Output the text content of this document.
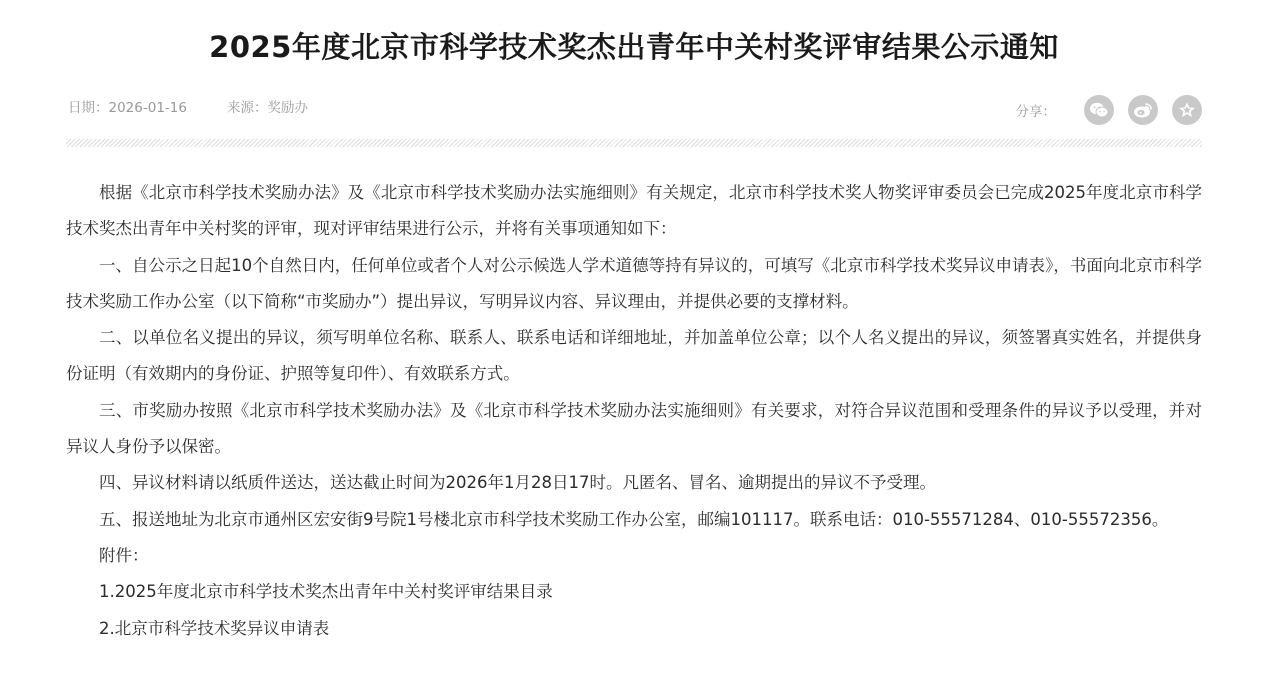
2025年度北京市科学技术奖杰出青年中关村奖评审结果公示通知
日期：2026-01-16	来源：奖励办	分享：

根据《北京市科学技术奖励办法》及《北京市科学技术奖励办法实施细则》有关规定，北京市科学技术奖人物奖评审委员会已完成2025年度北京市科学技术奖杰出青年中关村奖的评审，现对评审结果进行公示，并将有关事项通知如下：

一、自公示之日起10个自然日内，任何单位或者个人对公示候选人学术道德等持有异议的，可填写《北京市科学技术奖异议申请表》，书面向北京市科学技术奖励工作办公室（以下简称“市奖励办”）提出异议，写明异议内容、异议理由，并提供必要的支撑材料。

二、以单位名义提出的异议，须写明单位名称、联系人、联系电话和详细地址，并加盖单位公章；以个人名义提出的异议，须签署真实姓名，并提供身份证明（有效期内的身份证、护照等复印件）、有效联系方式。

三、市奖励办按照《北京市科学技术奖励办法》及《北京市科学技术奖励办法实施细则》有关要求，对符合异议范围和受理条件的异议予以受理，并对异议人身份予以保密。

四、异议材料请以纸质件送达，送达截止时间为2026年1月28日17时。凡匿名、冒名、逾期提出的异议不予受理。

五、报送地址为北京市通州区宏安街9号院1号楼北京市科学技术奖励工作办公室，邮编101117。联系电话：010-55571284、010-55572356。

附件：

1.2025年度北京市科学技术奖杰出青年中关村奖评审结果目录

2.北京市科学技术奖异议申请表
